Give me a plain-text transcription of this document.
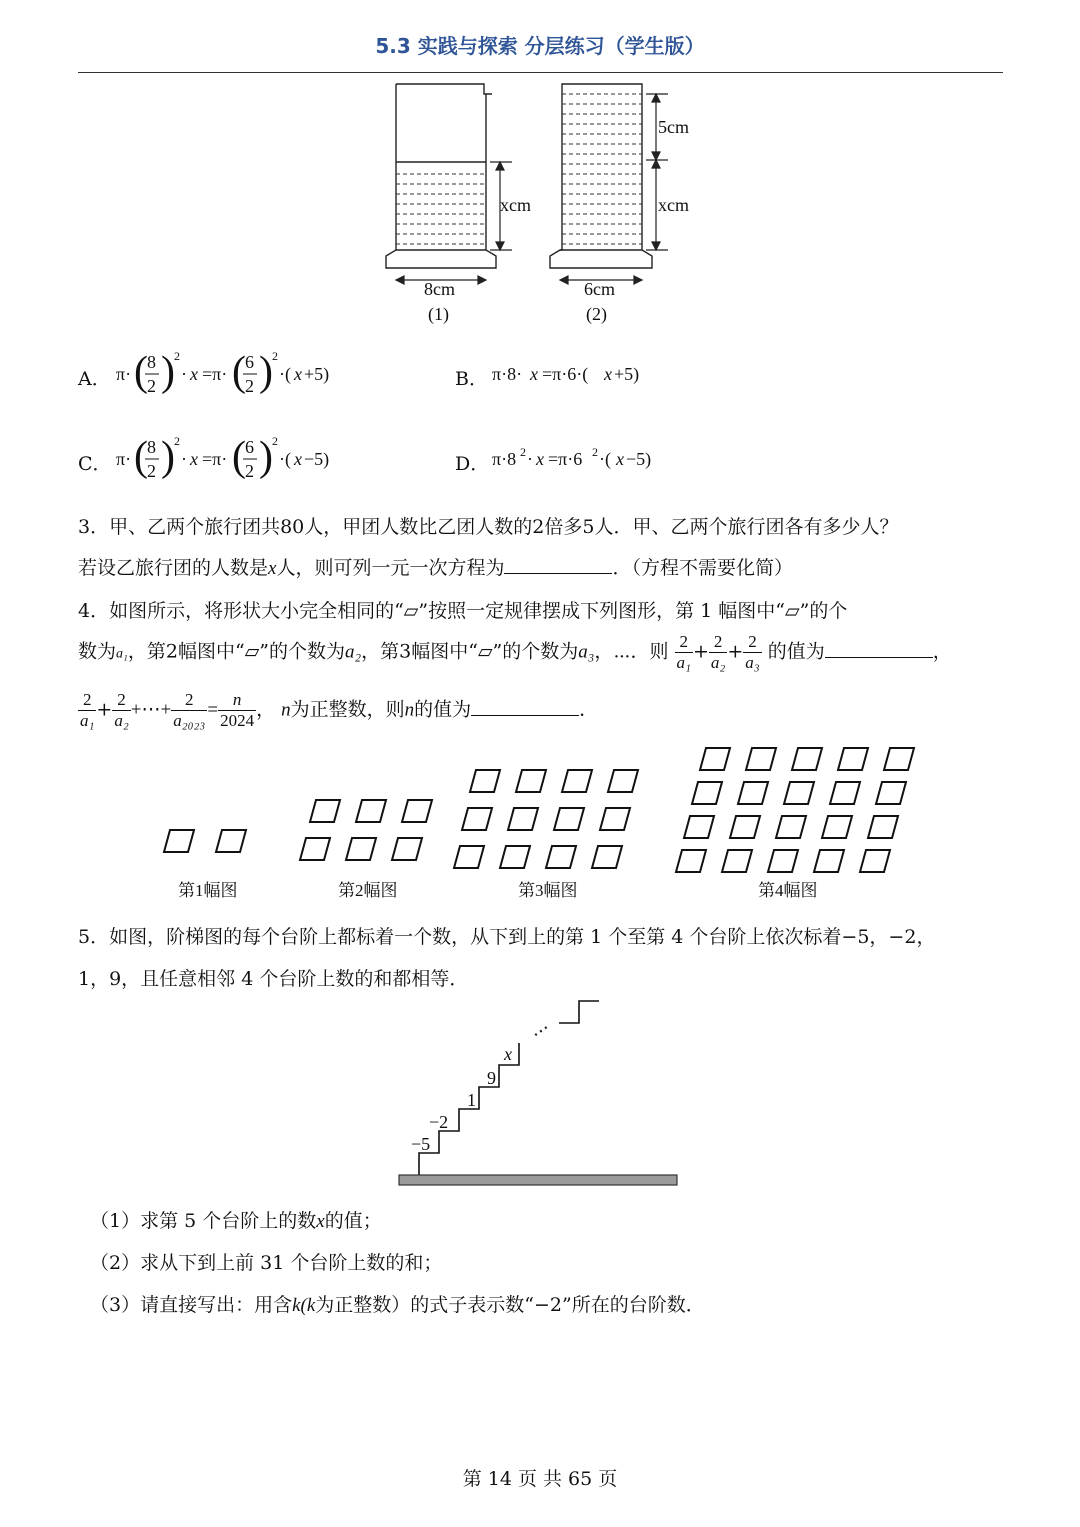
5.3 实践与探索 分层练习（学生版）
xcm
8cm
(1)
5cm
xcm
6cm
(2)
A． π· ( 8
2 ) 2
· x =π· ( 6
2 ) 2
·( x +5)	B． π·8· x =π·6·( x +5)
C． π· ( 8
2 ) 2
· x =π· ( 6
2 ) 2
·( x −5)	D． π·8 2 · x =π·6 2 ·( x −5)
3．甲、乙两个旅行团共80人，甲团人数比乙团人数的2倍多5人．甲、乙两个旅行团各有多少人？
若设乙旅行团的人数是x人，则可列一元一次方程为	．（方程不需要化简）
4．如图所示，将形状大小完全相同的“▱”按照一定规律摆成下列图形，第 1 幅图中“▱”的个
数为a₁，第2幅图中“▱”的个数为a₂，第3幅图中“▱”的个数为a₃，⋯．则 $\frac{2}{\text{a₁}} + \frac{2}{\text{a₂}} + \frac{2}{\text{a₃}}$ 的值为	，
$\frac{2}{\text{a₁}} + \frac{2}{\text{a₂}}$ +⋯+ $\frac{2}{\text{a₂₀₂₃}} = \frac{n}{2024}$ ， n为正整数，则n的值为	．
第1幅图	第2幅图	第3幅图	第4幅图
5．如图，阶梯图的每个台阶上都标着一个数，从下到上的第 1 个至第 4 个台阶上依次标着−5，−2，
1，9，且任意相邻 4 个台阶上数的和都相等．
−5
−2
1
9
x
⋯
（1）求第 5 个台阶上的数x的值；
（2）求从下到上前 31 个台阶上数的和；
（3）请直接写出：用含k(k为正整数）的式子表示数“−2”所在的台阶数．
第 14 页 共 65 页
